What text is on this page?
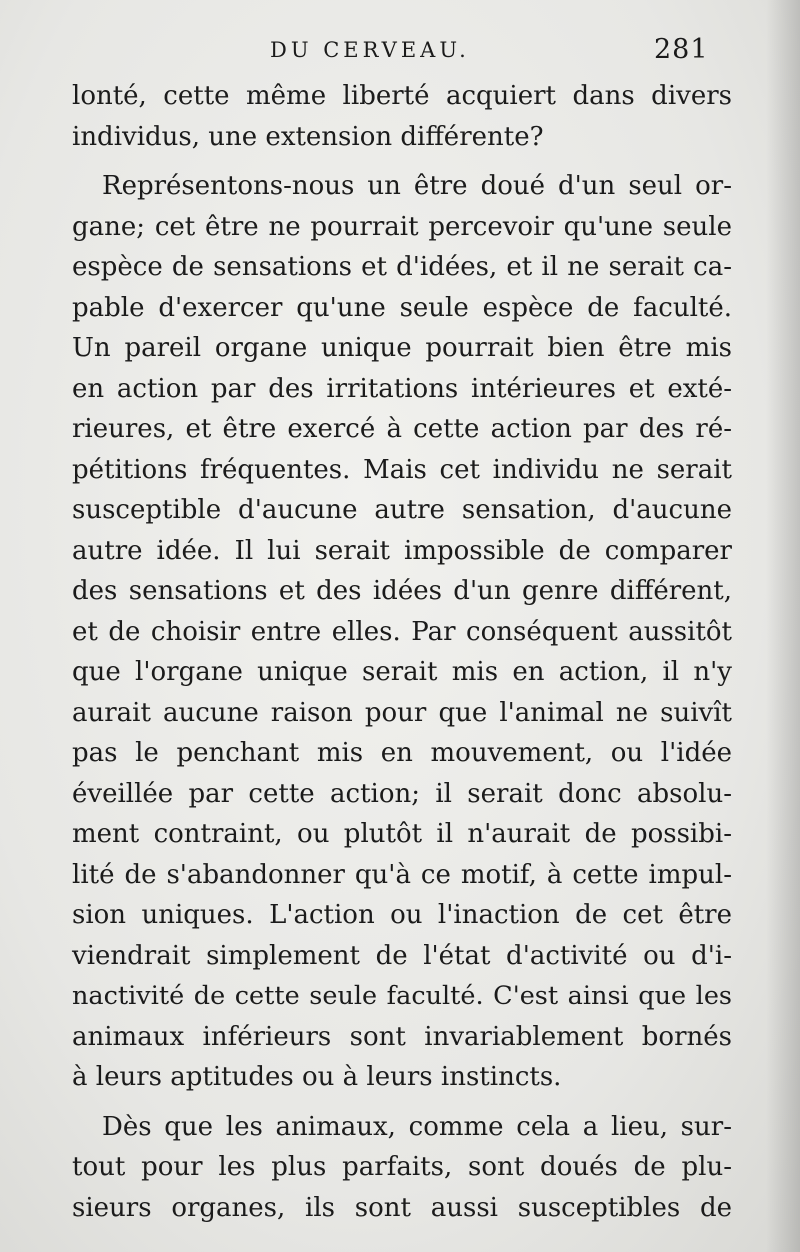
DU CERVEAU.	281
lonté, cette même liberté acquiert dans divers
individus, une extension différente?
Représentons-nous un être doué d'un seul or-
gane; cet être ne pourrait percevoir qu'une seule
espèce de sensations et d'idées, et il ne serait ca-
pable d'exercer qu'une seule espèce de faculté.
Un pareil organe unique pourrait bien être mis
en action par des irritations intérieures et exté-
rieures, et être exercé à cette action par des ré-
pétitions fréquentes. Mais cet individu ne serait
susceptible d'aucune autre sensation, d'aucune
autre idée. Il lui serait impossible de comparer
des sensations et des idées d'un genre différent,
et de choisir entre elles. Par conséquent aussitôt
que l'organe unique serait mis en action, il n'y
aurait aucune raison pour que l'animal ne suivît
pas le penchant mis en mouvement, ou l'idée
éveillée par cette action; il serait donc absolu-
ment contraint, ou plutôt il n'aurait de possibi-
lité de s'abandonner qu'à ce motif, à cette impul-
sion uniques. L'action ou l'inaction de cet être
viendrait simplement de l'état d'activité ou d'i-
nactivité de cette seule faculté. C'est ainsi que les
animaux inférieurs sont invariablement bornés
à leurs aptitudes ou à leurs instincts.
Dès que les animaux, comme cela a lieu, sur-
tout pour les plus parfaits, sont doués de plu-
sieurs organes, ils sont aussi susceptibles de
